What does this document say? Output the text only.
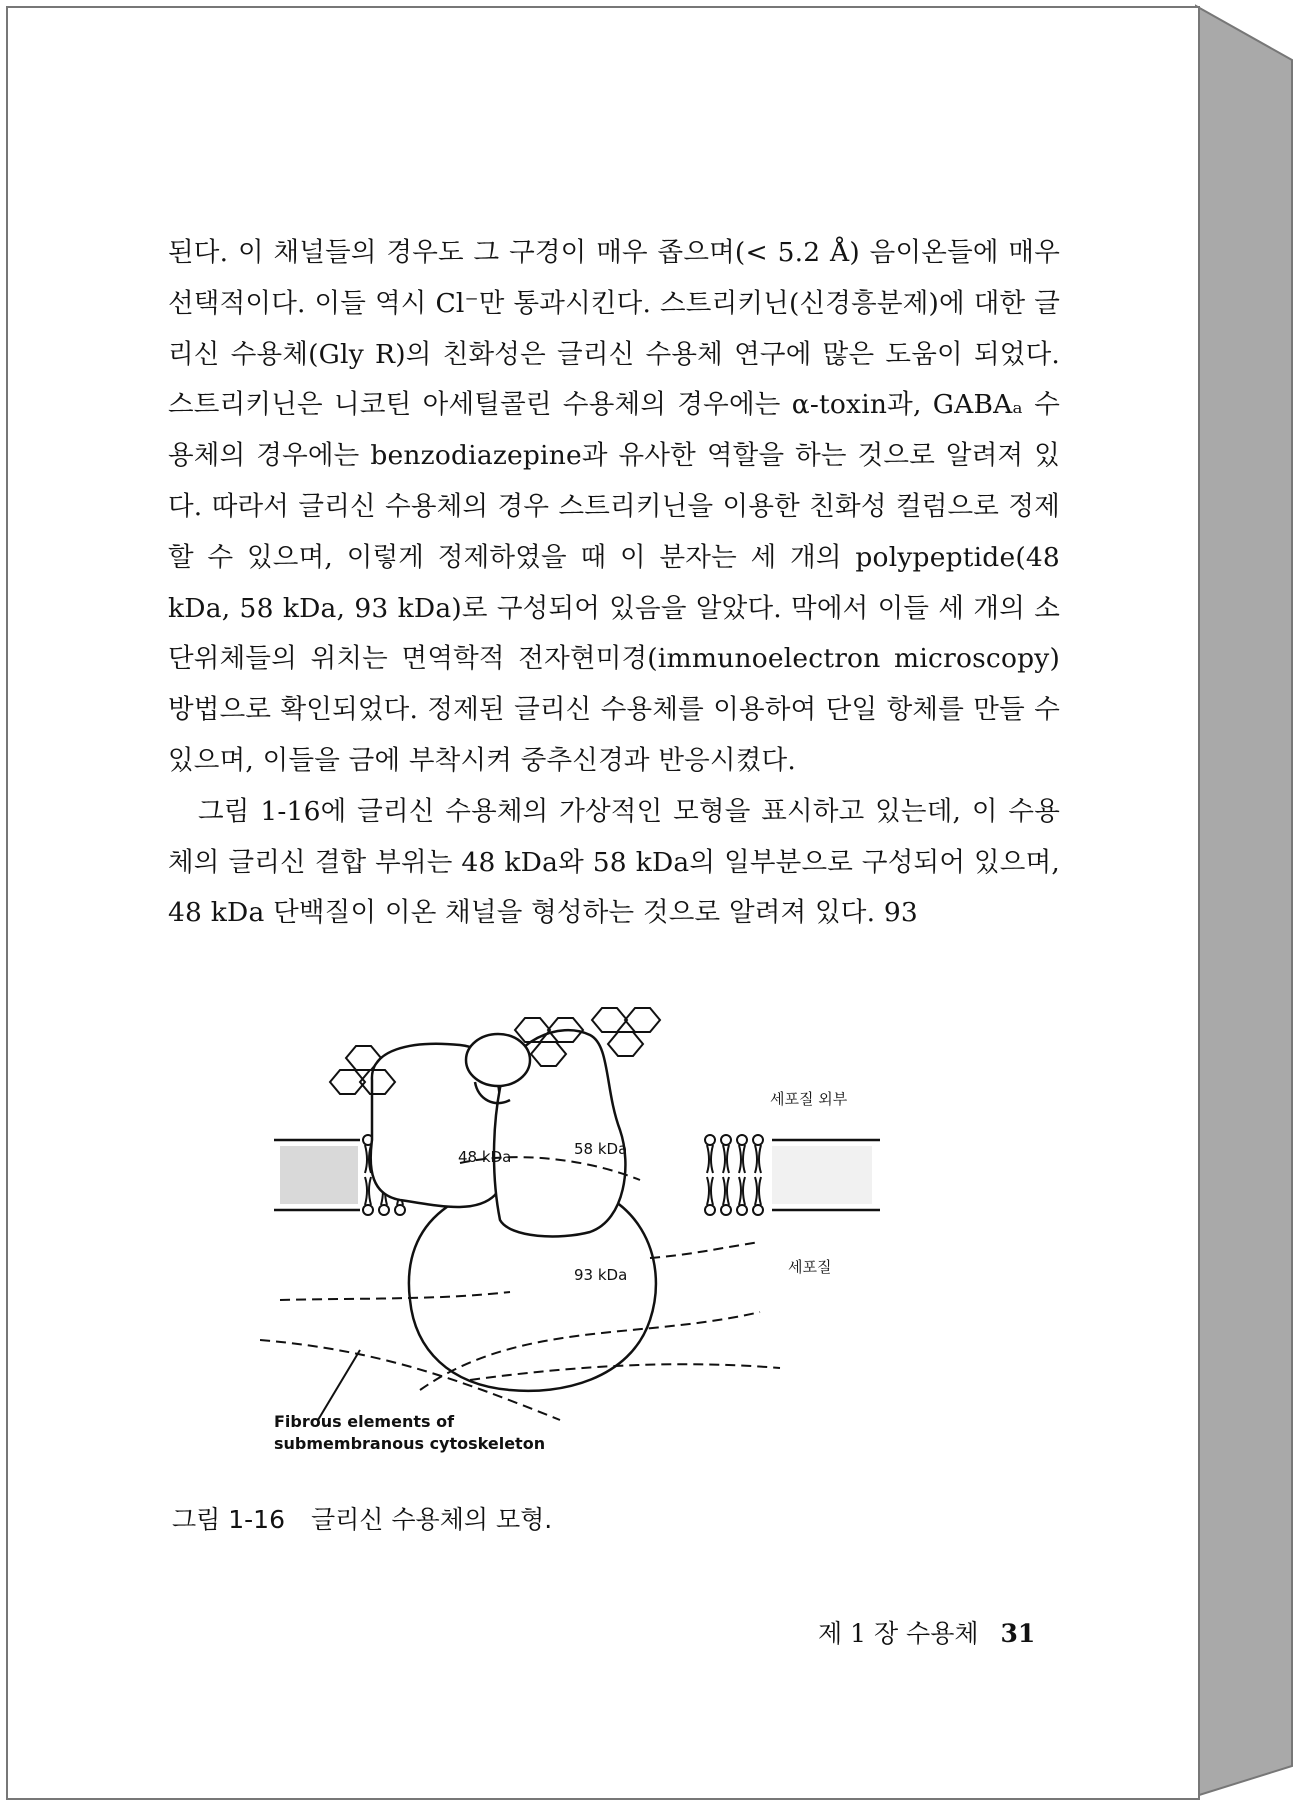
된다. 이 채널들의 경우도 그 구경이 매우 좁으며(< 5.2 Å) 음이온들에 매우 선택적이다. 이들 역시 Cl⁻만 통과시킨다. 스트리키닌(신경흥분제)에 대한 글리신 수용체(Gly R)의 친화성은 글리신 수용체 연구에 많은 도움이 되었다. 스트리키닌은 니코틴 아세틸콜린 수용체의 경우에는 α-toxin과, GABAₐ 수용체의 경우에는 benzodiazepine과 유사한 역할을 하는 것으로 알려져 있다. 따라서 글리신 수용체의 경우 스트리키닌을 이용한 친화성 컬럼으로 정제할 수 있으며, 이렇게 정제하였을 때 이 분자는 세 개의 polypeptide(48 kDa, 58 kDa, 93 kDa)로 구성되어 있음을 알았다. 막에서 이들 세 개의 소단위체들의 위치는 면역학적 전자현미경(immunoelectron microscopy) 방법으로 확인되었다. 정제된 글리신 수용체를 이용하여 단일 항체를 만들 수 있으며, 이들을 금에 부착시켜 중추신경과 반응시켰다.

그림 1-16에 글리신 수용체의 가상적인 모형을 표시하고 있는데, 이 수용체의 글리신 결합 부위는 48 kDa와 58 kDa의 일부분으로 구성되어 있으며, 48 kDa 단백질이 이온 채널을 형성하는 것으로 알려져 있다. 93

48 kDa	58 kDa
93 kDa
세포질 외부
세포질
Fibrous elements of
submembranous cytoskeleton
그림 1-16 글리신 수용체의 모형.
제 1 장 수용체 31
